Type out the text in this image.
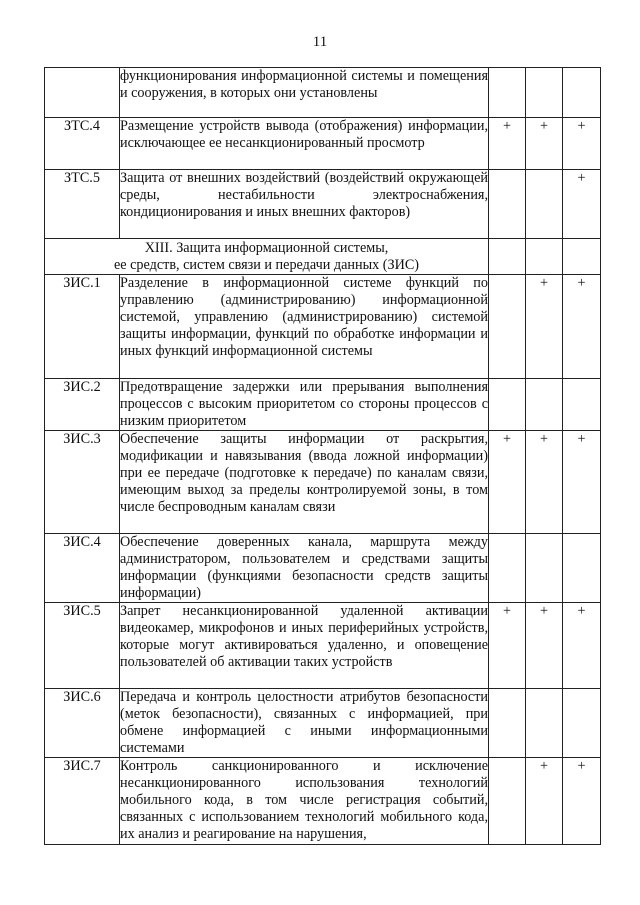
11
	функционирования информационной системы и помещения и сооружения, в которых они установлены			
ЗТС.4	Размещение устройств вывода (отображения) информации, исключающее ее несанкционированный просмотр	+	+	+
ЗТС.5	Защита от внешних воздействий (воздействий окружающей среды, нестабильности электроснабжения, кондиционирования и иных внешних факторов)			+

XIII. Защита информационной системы,
ее средств, систем связи и передачи данных (ЗИС)				

ЗИС.1	Разделение в информационной системе функций по управлению (администрированию) информационной системой, управлению (администрированию) системой защиты информации, функций по обработке информации и иных функций информационной системы		+	+
ЗИС.2	Предотвращение задержки или прерывания выполнения процессов с высоким приоритетом со стороны процессов с низким приоритетом			
ЗИС.3	Обеспечение защиты информации от раскрытия, модификации и навязывания (ввода ложной информации) при ее передаче (подготовке к передаче) по каналам связи, имеющим выход за пределы контролируемой зоны, в том числе беспроводным каналам связи	+	+	+
ЗИС.4	Обеспечение доверенных канала, маршрута между администратором, пользователем и средствами защиты информации (функциями безопасности средств защиты информации)			
ЗИС.5	Запрет несанкционированной удаленной активации видеокамер, микрофонов и иных периферийных устройств, которые могут активироваться удаленно, и оповещение пользователей об активации таких устройств	+	+	+
ЗИС.6	Передача и контроль целостности атрибутов безопасности (меток безопасности), связанных с информацией, при обмене информацией с иными информационными системами			
ЗИС.7	Контроль санкционированного и исключение несанкционированного использования технологий мобильного кода, в том числе регистрация событий, связанных с использованием технологий мобильного кода, их анализ и реагирование на нарушения,		+	+
